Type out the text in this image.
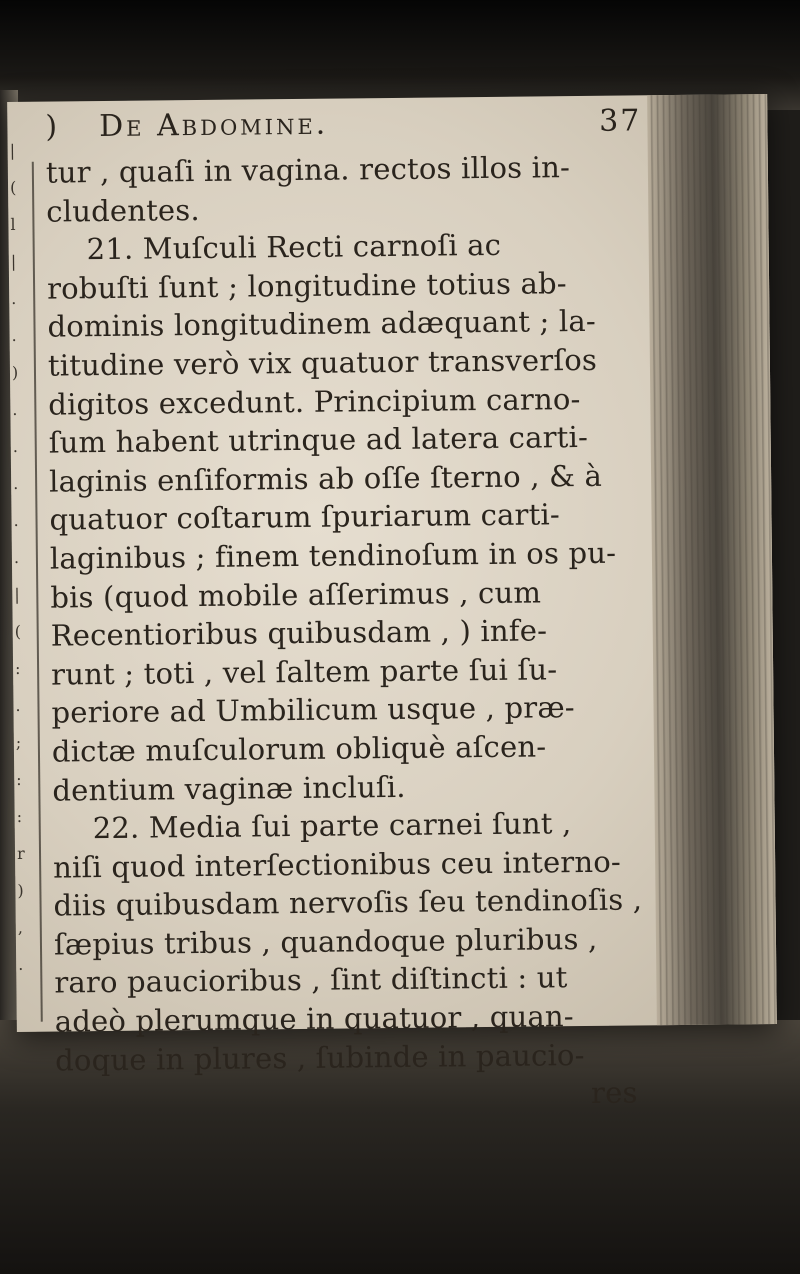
|
(
l
|
.
.
)
.
.
.
.
.
|
(
:
.
;
:
:
r
)
,
.
) De Abdomine.	37
tur , quaſi in vagina. rectos illos in-
cludentes.
21. Muſculi Recti carnoſi ac
robuſti ſunt ; longitudine totius ab-
dominis longitudinem adæquant ; la-
titudine verò vix quatuor transverſos
digitos excedunt. Principium carno-
ſum habent utrinque ad latera carti-
laginis enſiformis ab oſſe ſterno , & à
quatuor coſtarum ſpuriarum carti-
laginibus ; finem tendinoſum in os pu-
bis (quod mobile aſſerimus , cum
Recentioribus quibusdam , ) infe-
runt ; toti , vel ſaltem parte ſui ſu-
periore ad Umbilicum usque , præ-
dictæ muſculorum obliquè aſcen-
dentium vaginæ incluſi.
22. Media ſui parte carnei ſunt ,
niſi quod interſectionibus ceu interno-
diis quibusdam nervoſis ſeu tendinoſis ,
ſæpius tribus , quandoque pluribus ,
raro paucioribus , ſint diſtincti : ut
adeò plerumque in quatuor , quan-
doque in plures , ſubinde in paucio-
res
